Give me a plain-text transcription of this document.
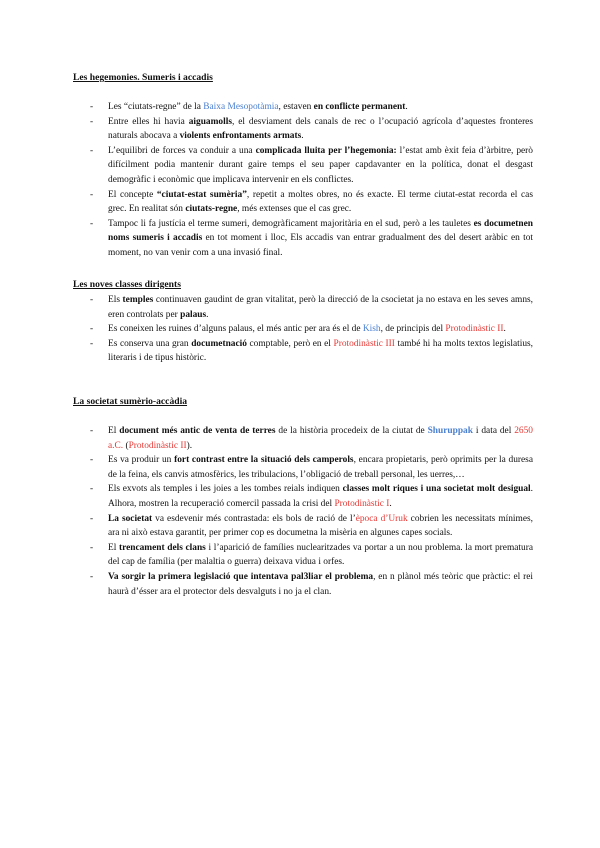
Les hegemonies. Sumeris i accadis
- Les “ciutats-regne” de la Baixa Mesopotàmia, estaven en conflicte permanent.
- Entre elles hi havia aiguamolls, el desviament dels canals de rec o l’ocupació agrícola d’aquestes fronteres naturals abocava a violents enfrontaments armats.
- L’equilibri de forces va conduir a una complicada lluita per l’hegemonia: l’estat amb èxit feia d’àrbitre, però difícilment podia mantenir durant gaire temps el seu paper capdavanter en la política, donat el desgast demogràfic i econòmic que implicava intervenir en els conflictes.
- El concepte “ciutat-estat sumèria”, repetit a moltes obres, no és exacte. El terme ciutat-estat recorda el cas grec. En realitat són ciutats-regne, més extenses que el cas grec.
- Tampoc li fa justícia el terme sumeri, demogràficament majoritària en el sud, però a les tauletes es documetnen noms sumeris i accadis en tot moment i lloc, Els accadis van entrar gradualment des del desert aràbic en tot moment, no van venir com a una invasió final.
Les noves classes dirigents
- Els temples continuaven gaudint de gran vitalitat, però la direcció de la csocietat ja no estava en les seves amns, eren controlats per palaus.
- Es coneixen les ruines d’alguns palaus, el més antic per ara és el de Kish, de principis del Protodinàstic II.
- Es conserva una gran documetnació comptable, però en el Protodinàstic III també hi ha molts textos legislatius, literaris i de tipus històric.
La societat sumèrio-accàdia
- El document més antic de venta de terres de la història procedeix de la ciutat de Shuruppak i data del 2650 a.C. (Protodinàstic II).
- Es va produir un fort contrast entre la situació dels camperols, encara propietaris, però oprimits per la duresa de la feina, els canvis atmosfèrics, les tribulacions, l’obligació de treball personal, les uerres,…
- Els exvots als temples i les joies a les tombes reials indiquen classes molt riques i una societat molt desigual. Alhora, mostren la recuperació comercil passada la crisi del Protodinàstic I.
- La societat va esdevenir més contrastada: els bols de ració de l’època d’Uruk cobrien les necessitats mínimes, ara ni això estava garantit, per primer cop es documetna la misèria en algunes capes socials.
- El trencament dels clans i l’aparició de famílies nuclearitzades va portar a un nou problema. la mort prematura del cap de família (per malaltia o guerra) deixava vidua i orfes.
- Va sorgir la primera legislació que intentava pal3liar el problema, en n plànol més teòric que pràctic: el rei haurà d’ésser ara el protector dels desvalguts i no ja el clan.
